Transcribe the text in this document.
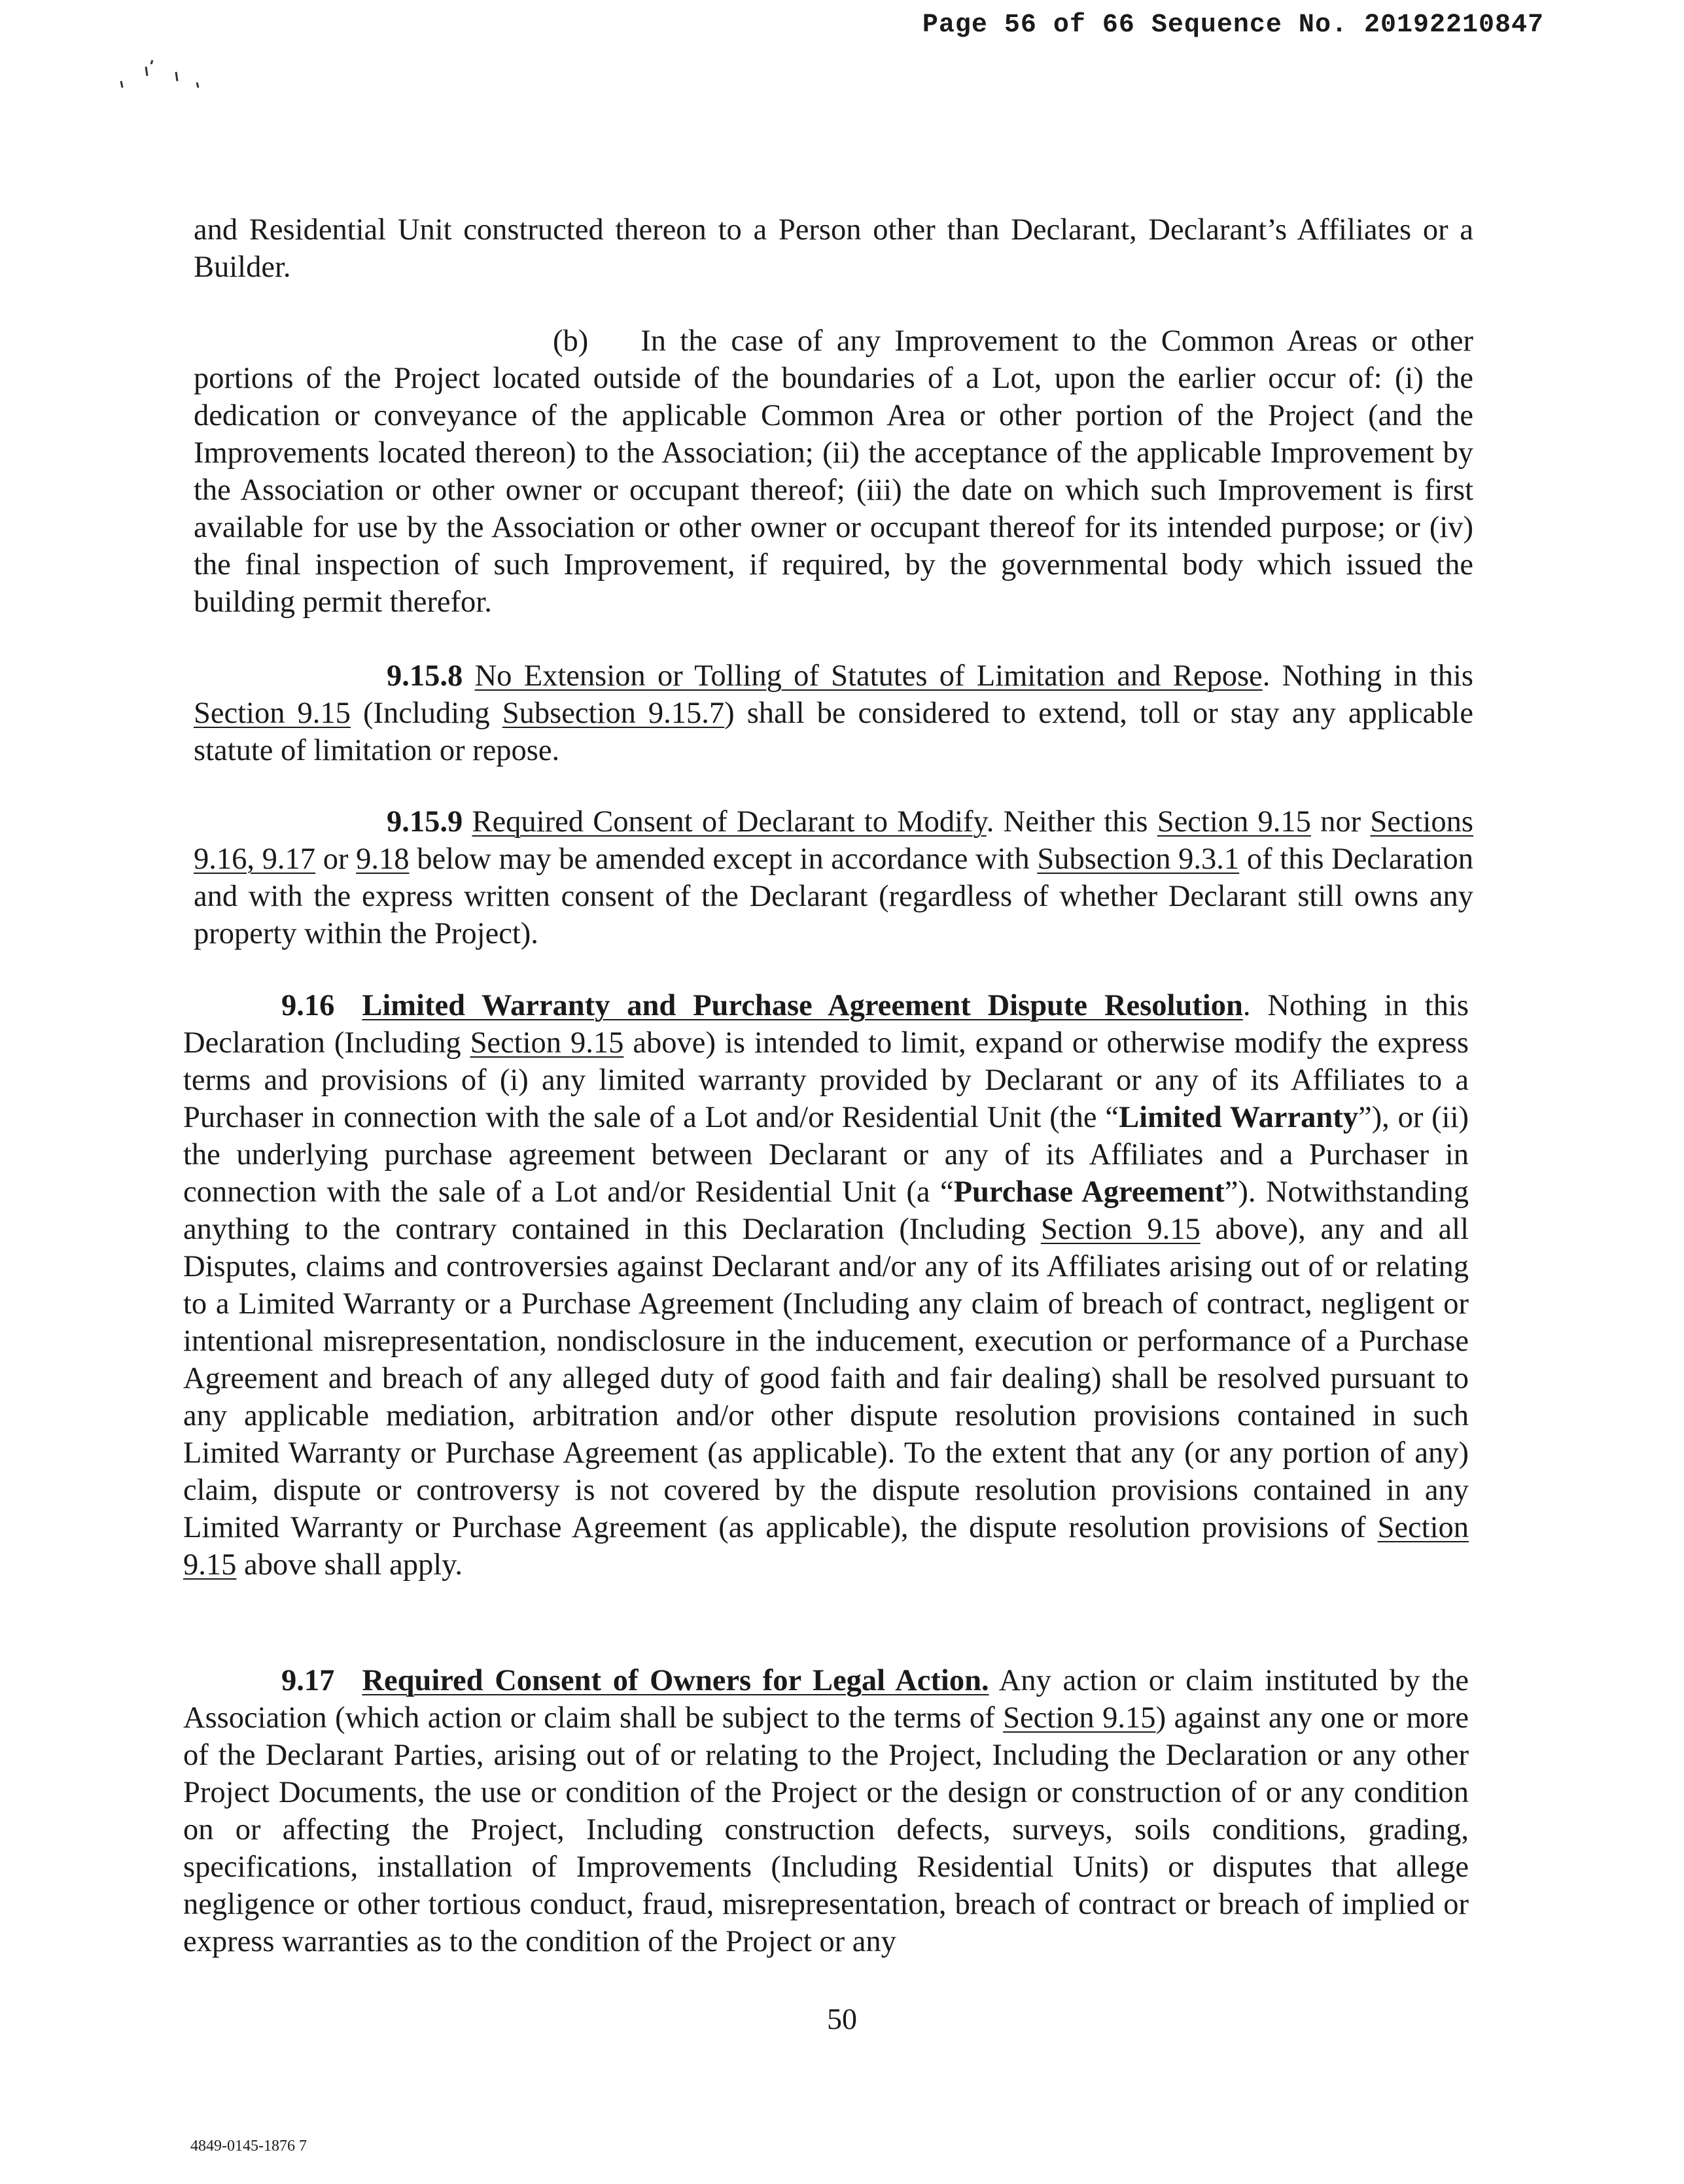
Page 56 of 66 Sequence No. 20192210847

and Residential Unit constructed thereon to a Person other than Declarant, Declarant’s Affiliates or a Builder.

(b) In the case of any Improvement to the Common Areas or other portions of the Project located outside of the boundaries of a Lot, upon the earlier occur of: (i) the dedication or conveyance of the applicable Common Area or other portion of the Project (and the Improvements located thereon) to the Association; (ii) the acceptance of the applicable Improvement by the Association or other owner or occupant thereof; (iii) the date on which such Improvement is first available for use by the Association or other owner or occupant thereof for its intended purpose; or (iv) the final inspection of such Improvement, if required, by the governmental body which issued the building permit therefor.

9.15.8 No Extension or Tolling of Statutes of Limitation and Repose. Nothing in this Section 9.15 (Including Subsection 9.15.7) shall be considered to extend, toll or stay any applicable statute of limitation or repose.

9.15.9 Required Consent of Declarant to Modify. Neither this Section 9.15 nor Sections 9.16, 9.17 or 9.18 below may be amended except in accordance with Subsection 9.3.1 of this Declaration and with the express written consent of the Declarant (regardless of whether Declarant still owns any property within the Project).

9.16 Limited Warranty and Purchase Agreement Dispute Resolution. Nothing in this Declaration (Including Section 9.15 above) is intended to limit, expand or otherwise modify the express terms and provisions of (i) any limited warranty provided by Declarant or any of its Affiliates to a Purchaser in connection with the sale of a Lot and/or Residential Unit (the “Limited Warranty”), or (ii) the underlying purchase agreement between Declarant or any of its Affiliates and a Purchaser in connection with the sale of a Lot and/or Residential Unit (a “Purchase Agreement”). Notwithstanding anything to the contrary contained in this Declaration (Including Section 9.15 above), any and all Disputes, claims and controversies against Declarant and/or any of its Affiliates arising out of or relating to a Limited Warranty or a Purchase Agreement (Including any claim of breach of contract, negligent or intentional misrepresentation, nondisclosure in the inducement, execution or performance of a Purchase Agreement and breach of any alleged duty of good faith and fair dealing) shall be resolved pursuant to any applicable mediation, arbitration and/or other dispute resolution provisions contained in such Limited Warranty or Purchase Agreement (as applicable). To the extent that any (or any portion of any) claim, dispute or controversy is not covered by the dispute resolution provisions contained in any Limited Warranty or Purchase Agreement (as applicable), the dispute resolution provisions of Section 9.15 above shall apply.

9.17 Required Consent of Owners for Legal Action. Any action or claim instituted by the Association (which action or claim shall be subject to the terms of Section 9.15) against any one or more of the Declarant Parties, arising out of or relating to the Project, Including the Declaration or any other Project Documents, the use or condition of the Project or the design or construction of or any condition on or affecting the Project, Including construction defects, surveys, soils conditions, grading, specifications, installation of Improvements (Including Residential Units) or disputes that allege negligence or other tortious conduct, fraud, misrepresentation, breach of contract or breach of implied or express warranties as to the condition of the Project or any

50
4849-0145-1876 7
